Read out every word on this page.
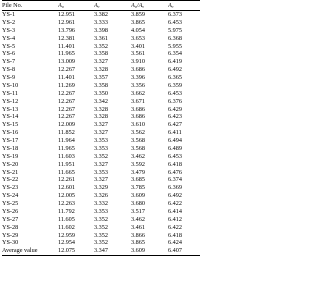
Pile No.	A₀	Aᵤ	A₀/Aᵤ	Aᵤ
YS-1	12.951	3.382	3.859	6.373
YS-2	12.961	3.333	3.865	6.453
YS-3	13.796	3.398	4.054	5.975
YS-4	12.381	3.361	3.653	6.368
YS-5	11.401	3.352	3.401	5.955
YS-6	11.965	3.358	3.561	6.354
YS-7	13.009	3.327	3.910	6.419
YS-8	12.267	3.328	3.686	6.492
YS-9	11.401	3.357	3.396	6.365
YS-10	11.269	3.358	3.356	6.359
YS-11	12.267	3.350	3.662	6.453
YS-12	12.267	3.342	3.671	6.376
YS-13	12.267	3.328	3.686	6.429
YS-14	12.267	3.328	3.686	6.423
YS-15	12.009	3.327	3.610	6.427
YS-16	11.852	3.327	3.562	6.411
YS-17	11.964	3.353	3.568	6.494
YS-18	11.965	3.353	3.568	6.489
YS-19	11.603	3.352	3.462	6.453
YS-20	11.951	3.327	3.592	6.418
YS-21	11.665	3.353	3.479	6.476
YS-22	12.261	3.327	3.685	6.374
YS-23	12.601	3.329	3.785	6.369
YS-24	12.005	3.326	3.609	6.492
YS-25	12.263	3.332	3.680	6.422
YS-26	11.792	3.353	3.517	6.414
YS-27	11.605	3.352	3.462	6.412
YS-28	11.602	3.352	3.461	6.422
YS-29	12.959	3.352	3.866	6.418
YS-30	12.954	3.352	3.865	6.424
Average value	12.075	3.347	3.609	6.407
